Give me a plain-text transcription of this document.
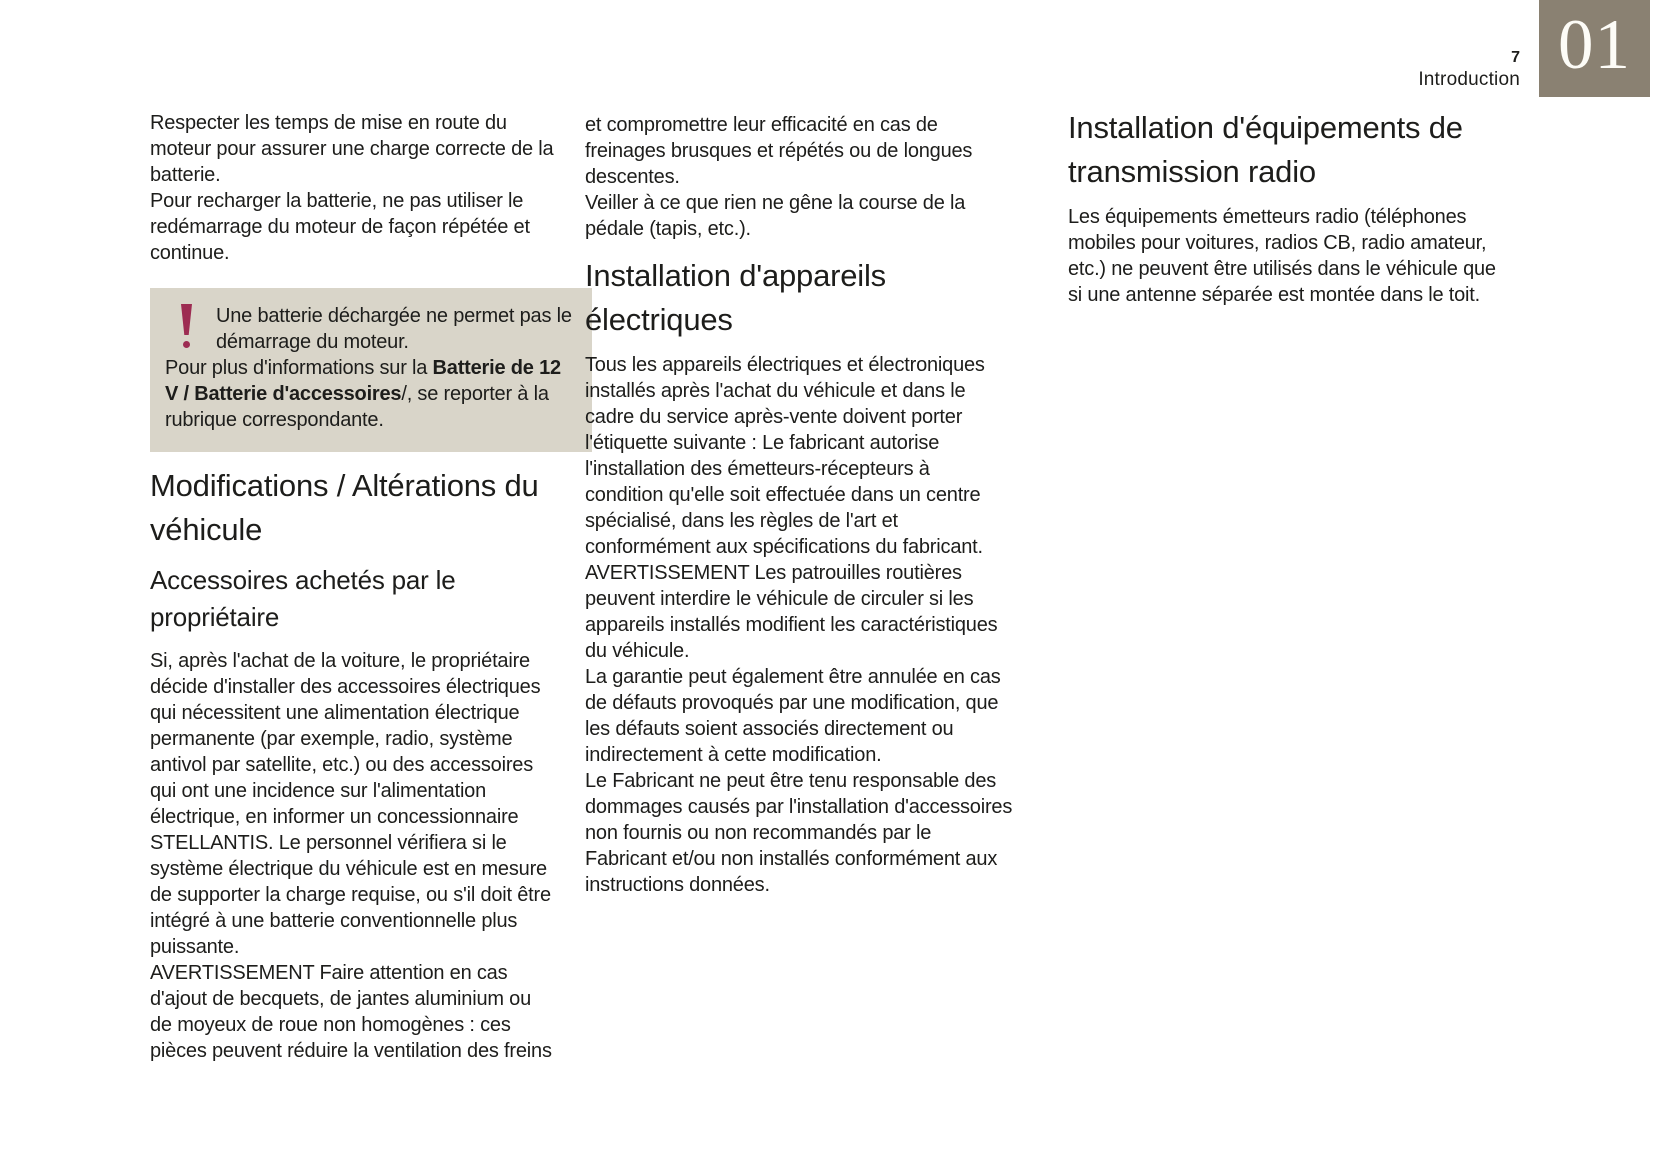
7
Introduction 01

Respecter les temps de mise en route du moteur pour assurer une charge correcte de la batterie.

Pour recharger la batterie, ne pas utiliser le redémarrage du moteur de façon répétée et continue.

Une batterie déchargée ne permet pas le démarrage du moteur.

Pour plus d'informations sur la Batterie de 12 V / Batterie d'accessoires/, se reporter à la rubrique correspondante.

Modifications / Altérations du véhicule
Accessoires achetés par le propriétaire

Si, après l'achat de la voiture, le propriétaire décide d'installer des accessoires électriques qui nécessitent une alimentation électrique permanente (par exemple, radio, système antivol par satellite, etc.) ou des accessoires qui ont une incidence sur l'alimentation électrique, en informer un concessionnaire STELLANTIS. Le personnel vérifiera si le système électrique du véhicule est en mesure de supporter la charge requise, ou s'il doit être intégré à une batterie conventionnelle plus puissante.

AVERTISSEMENT Faire attention en cas d'ajout de becquets, de jantes aluminium ou de moyeux de roue non homogènes : ces pièces peuvent réduire la ventilation des freins

et compromettre leur efficacité en cas de freinages brusques et répétés ou de longues descentes.

Veiller à ce que rien ne gêne la course de la pédale (tapis, etc.).

Installation d'appareils électriques

Tous les appareils électriques et électroniques installés après l'achat du véhicule et dans le cadre du service après-vente doivent porter l'étiquette suivante : Le fabricant autorise l'installation des émetteurs-récepteurs à condition qu'elle soit effectuée dans un centre spécialisé, dans les règles de l'art et conformément aux spécifications du fabricant.

AVERTISSEMENT Les patrouilles routières peuvent interdire le véhicule de circuler si les appareils installés modifient les caractéristiques du véhicule.

La garantie peut également être annulée en cas de défauts provoqués par une modification, que les défauts soient associés directement ou indirectement à cette modification.

Le Fabricant ne peut être tenu responsable des dommages causés par l'installation d'accessoires non fournis ou non recommandés par le Fabricant et/ou non installés conformément aux instructions données.

Installation d'équipements de transmission radio

Les équipements émetteurs radio (téléphones mobiles pour voitures, radios CB, radio amateur, etc.) ne peuvent être utilisés dans le véhicule que si une antenne séparée est montée dans le toit.
